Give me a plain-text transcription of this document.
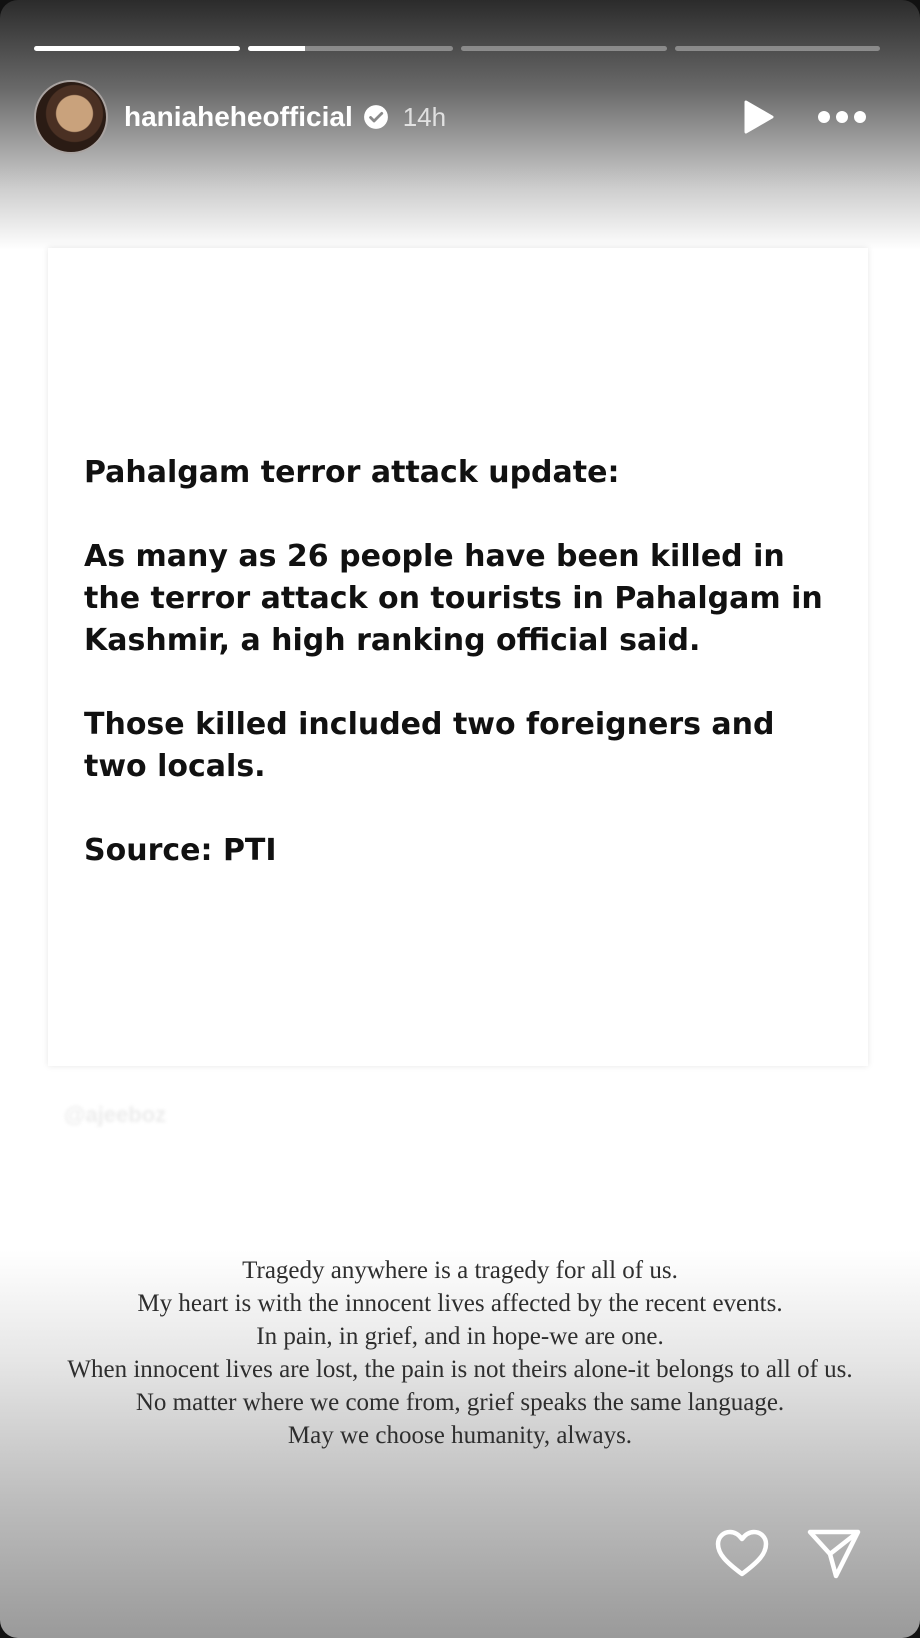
haniaheheofficial 14h

Pahalgam terror attack update:

As many as 26 people have been killed in the terror attack on tourists in Pahalgam in Kashmir, a high ranking official said.

Those killed included two foreigners and two locals.

Source: PTI

@ajeeboz
Tragedy anywhere is a tragedy for all of us.
My heart is with the innocent lives affected by the recent events.
In pain, in grief, and in hope-we are one.
When innocent lives are lost, the pain is not theirs alone-it belongs to all of us.
No matter where we come from, grief speaks the same language.
May we choose humanity, always.
